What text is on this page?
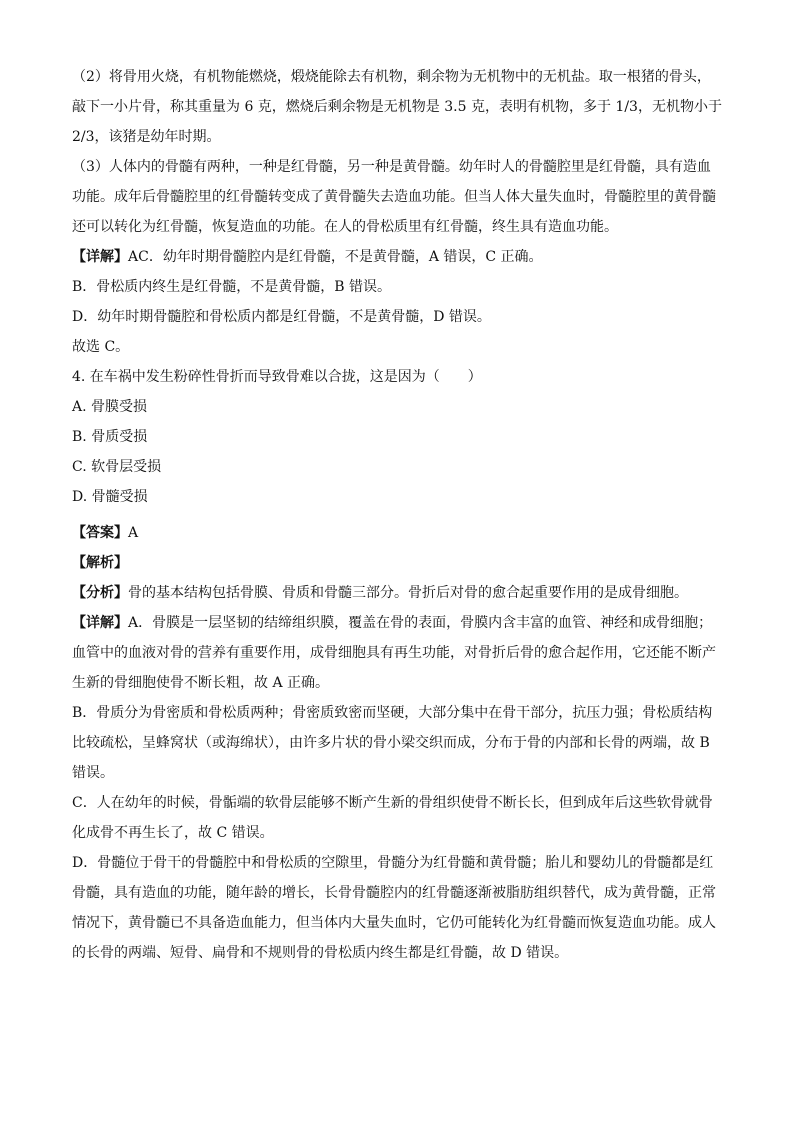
（2）将骨用火烧，有机物能燃烧，煅烧能除去有机物，剩余物为无机物中的无机盐。取一根猪的骨头，
敲下一小片骨，称其重量为 6 克，燃烧后剩余物是无机物是 3.5 克，表明有机物，多于 1/3，无机物小于
2/3，该猪是幼年时期。
（3）人体内的骨髓有两种，一种是红骨髓，另一种是黄骨髓。幼年时人的骨髓腔里是红骨髓，具有造血
功能。成年后骨髓腔里的红骨髓转变成了黄骨髓失去造血功能。但当人体大量失血时，骨髓腔里的黄骨髓
还可以转化为红骨髓，恢复造血的功能。在人的骨松质里有红骨髓，终生具有造血功能。
【详解】AC．幼年时期骨髓腔内是红骨髓，不是黄骨髓，A 错误，C 正确。
B．骨松质内终生是红骨髓，不是黄骨髓，B 错误。
D．幼年时期骨髓腔和骨松质内都是红骨髓，不是黄骨髓，D 错误。
故选 C。
4. 在车祸中发生粉碎性骨折而导致骨难以合拢，这是因为（　　）
A. 骨膜受损
B. 骨质受损
C. 软骨层受损
D. 骨髓受损
【答案】A
【解析】
【分析】骨的基本结构包括骨膜、骨质和骨髓三部分。骨折后对骨的愈合起重要作用的是成骨细胞。
【详解】A．骨膜是一层坚韧的结缔组织膜，覆盖在骨的表面，骨膜内含丰富的血管、神经和成骨细胞；
血管中的血液对骨的营养有重要作用，成骨细胞具有再生功能，对骨折后骨的愈合起作用，它还能不断产
生新的骨细胞使骨不断长粗，故 A 正确。
B．骨质分为骨密质和骨松质两种；骨密质致密而坚硬，大部分集中在骨干部分，抗压力强；骨松质结构
比较疏松，呈蜂窝状（或海绵状），由许多片状的骨小梁交织而成，分布于骨的内部和长骨的两端，故 B
错误。
C．人在幼年的时候，骨骺端的软骨层能够不断产生新的骨组织使骨不断长长，但到成年后这些软骨就骨
化成骨不再生长了，故 C 错误。
D．骨髓位于骨干的骨髓腔中和骨松质的空隙里，骨髓分为红骨髓和黄骨髓；胎儿和婴幼儿的骨髓都是红
骨髓，具有造血的功能，随年龄的增长，长骨骨髓腔内的红骨髓逐渐被脂肪组织替代，成为黄骨髓，正常
情况下，黄骨髓已不具备造血能力，但当体内大量失血时，它仍可能转化为红骨髓而恢复造血功能。成人
的长骨的两端、短骨、扁骨和不规则骨的骨松质内终生都是红骨髓，故 D 错误。
